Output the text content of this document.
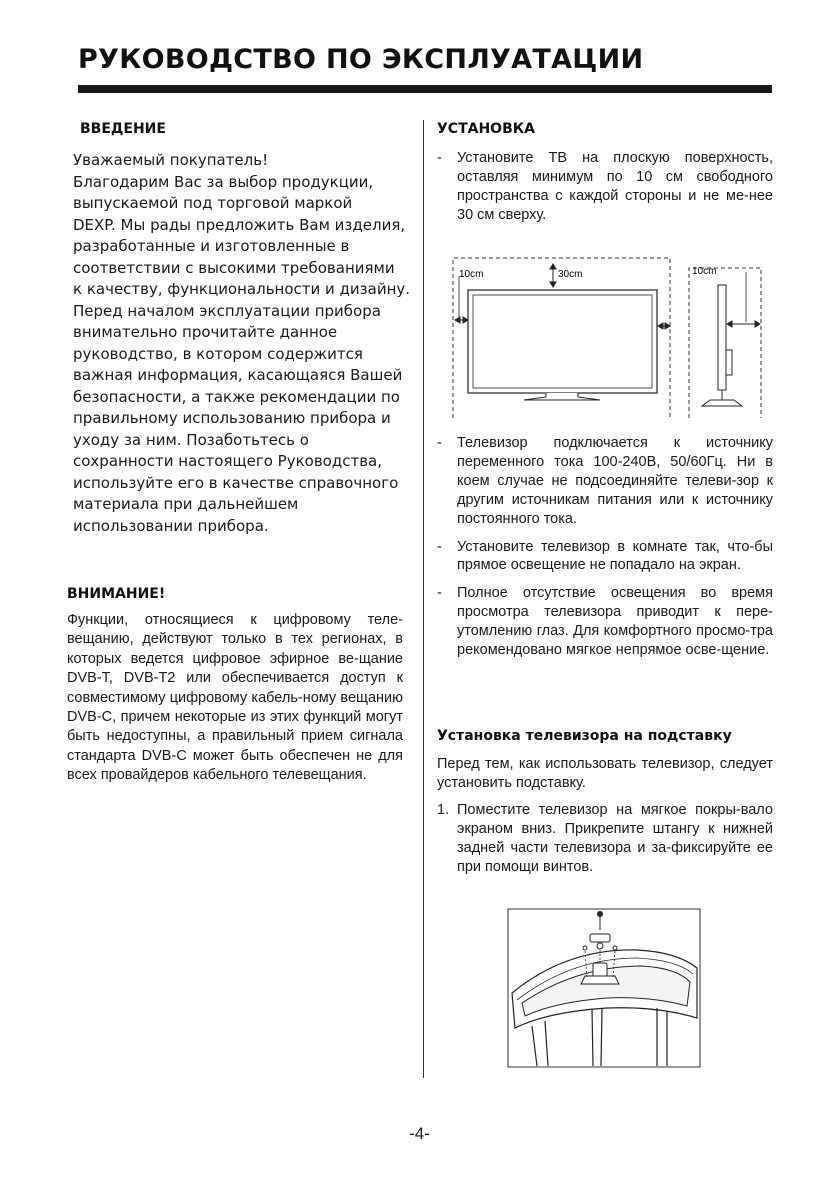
РУКОВОДСТВО ПО ЭКСПЛУАТАЦИИ
ВВЕДЕНИЕ
Уважаемый покупатель!
Благодарим Вас за выбор продукции,
выпускаемой под торговой маркой
DEXP. Мы рады предложить Вам изделия,
разработанные и изготовленные в
соответствии с высокими требованиями
к качеству, функциональности и дизайну.
Перед началом эксплуатации прибора
внимательно прочитайте данное
руководство, в котором содержится
важная информация, касающаяся Вашей
безопасности, а также рекомендации по
правильному использованию прибора и
уходу за ним. Позаботьтесь о
сохранности настоящего Руководства,
используйте его в качестве справочного
материала при дальнейшем
использовании прибора.
ВНИМАНИЕ!

Функции, относящиеся к цифровому теле-вещанию, действуют только в тех регионах, в которых ведется цифровое эфирное ве-щание DVB-T, DVB-T2 или обеспечивается доступ к совместимому цифровому кабель-ному вещанию DVB-C, причем некоторые из этих функций могут быть недоступны, а правильный прием сигнала стандарта DVB-C может быть обеспечен не для всех провайдеров кабельного телевещания.

УСТАНОВКА
- Установите ТВ на плоскую поверхность, оставляя минимум по 10 см свободного пространства с каждой стороны и не ме-нее 30 см сверху.
10cm	30cm	10cm
- Телевизор подключается к источнику переменного тока 100-240В, 50/60Гц. Ни в коем случае не подсоединяйте телеви-зор к другим источникам питания или к источнику постоянного тока.
- Установите телевизор в комнате так, что-бы прямое освещение не попадало на экран.
- Полное отсутствие освещения во время просмотра телевизора приводит к пере-утомлению глаз. Для комфортного просмо-тра рекомендовано мягкое непрямое осве-щение.
Установка телевизора на подставку

Перед тем, как использовать телевизор, следует установить подставку.

1. Поместите телевизор на мягкое покры-вало экраном вниз. Прикрепите штангу к нижней задней части телевизора и за-фиксируйте ее при помощи винтов.

-4-
